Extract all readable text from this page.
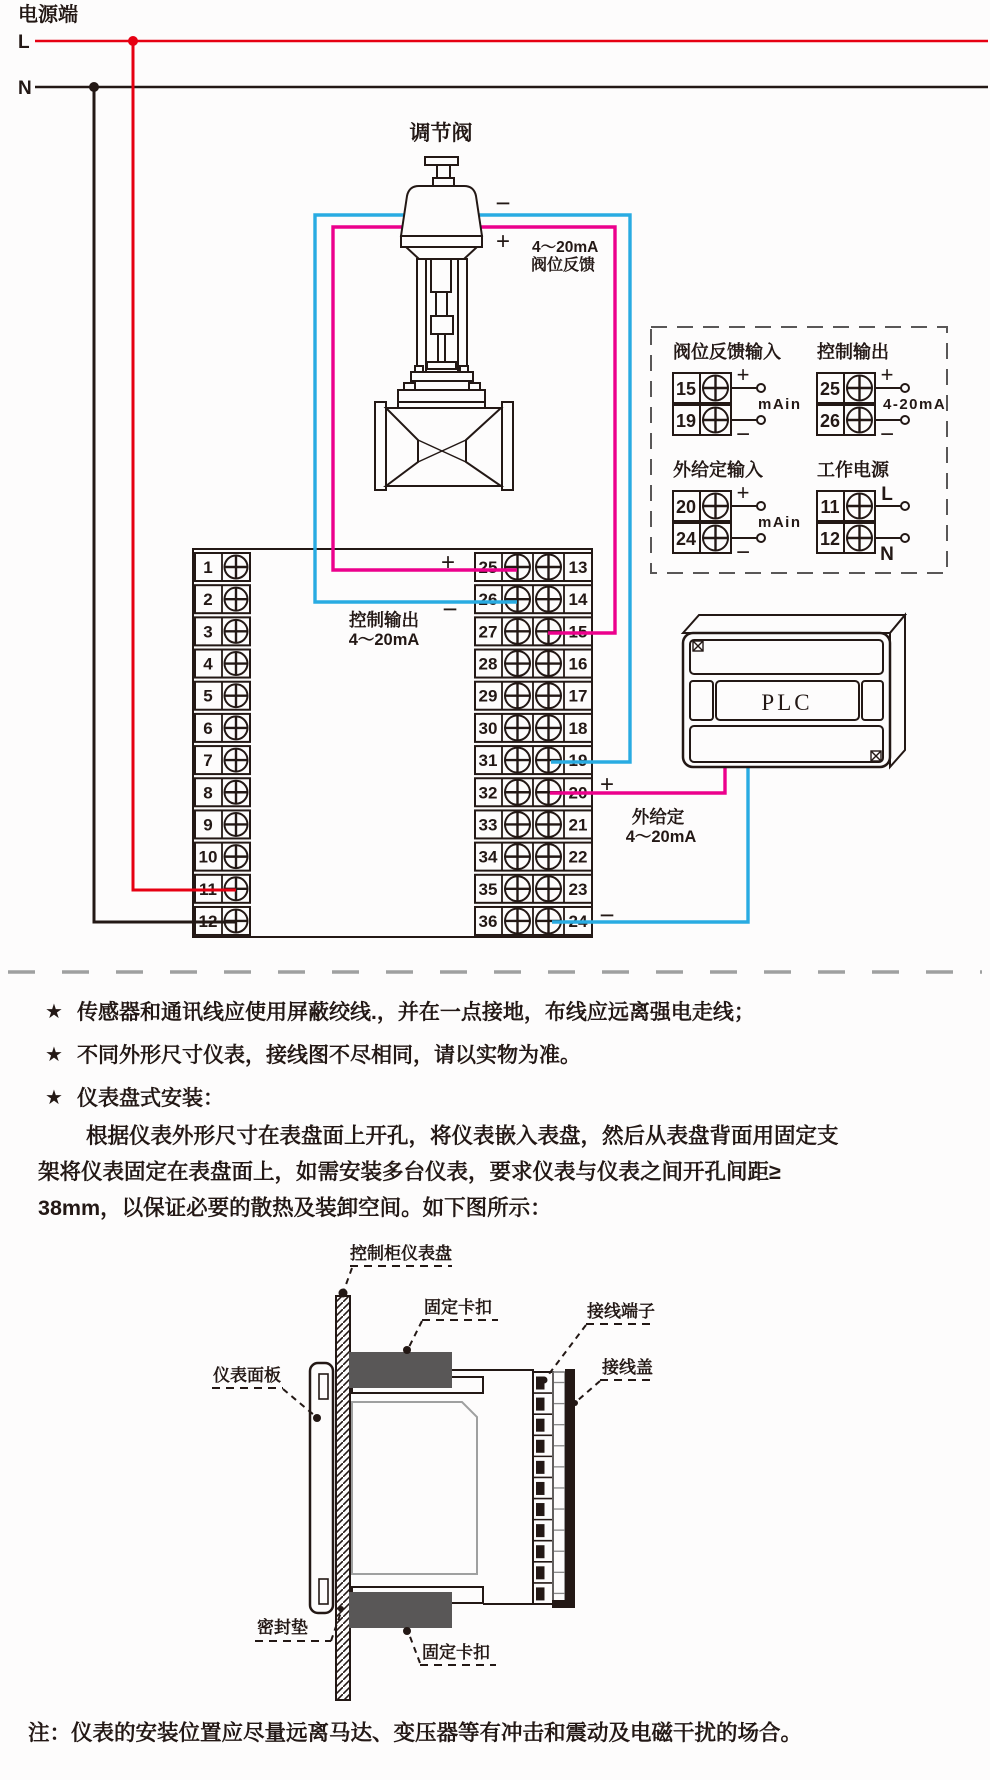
电源端
L
N
1	25	13
2	26	14
3	27	15
4	28	16
5	29	17
6	30	18
7	31	19
8	32	20
9	33	21
10	34	22
11	35	23
12	36	24
+
−
控制输出
4～20mA
+
−
外给定
4～20mA
−
+ 4～20mA
阀位反馈
调节阀
PLC
阀位反馈输入
15
+
19 −
mAin
控制输出
25
+
26 −
4-20mA
外给定输入
20
+
24 −
mAin
工作电源
11
L
12
N
★ 传感器和通讯线应使用屏蔽绞线.，并在一点接地，布线应远离强电走线；
★ 不同外形尺寸仪表，接线图不尽相同，请以实物为准。
★ 仪表盘式安装：
根据仪表外形尺寸在表盘面上开孔，将仪表嵌入表盘，然后从表盘背面用固定支
架将仪表固定在表盘面上，如需安装多台仪表，要求仪表与仪表之间开孔间距≥
38mm，以保证必要的散热及装卸空间。如下图所示：
控制柜仪表盘
固定卡扣	接线端子
接线盖
仪表面板
密封垫
固定卡扣
注：仪表的安装位置应尽量远离马达、变压器等有冲击和震动及电磁干扰的场合。
